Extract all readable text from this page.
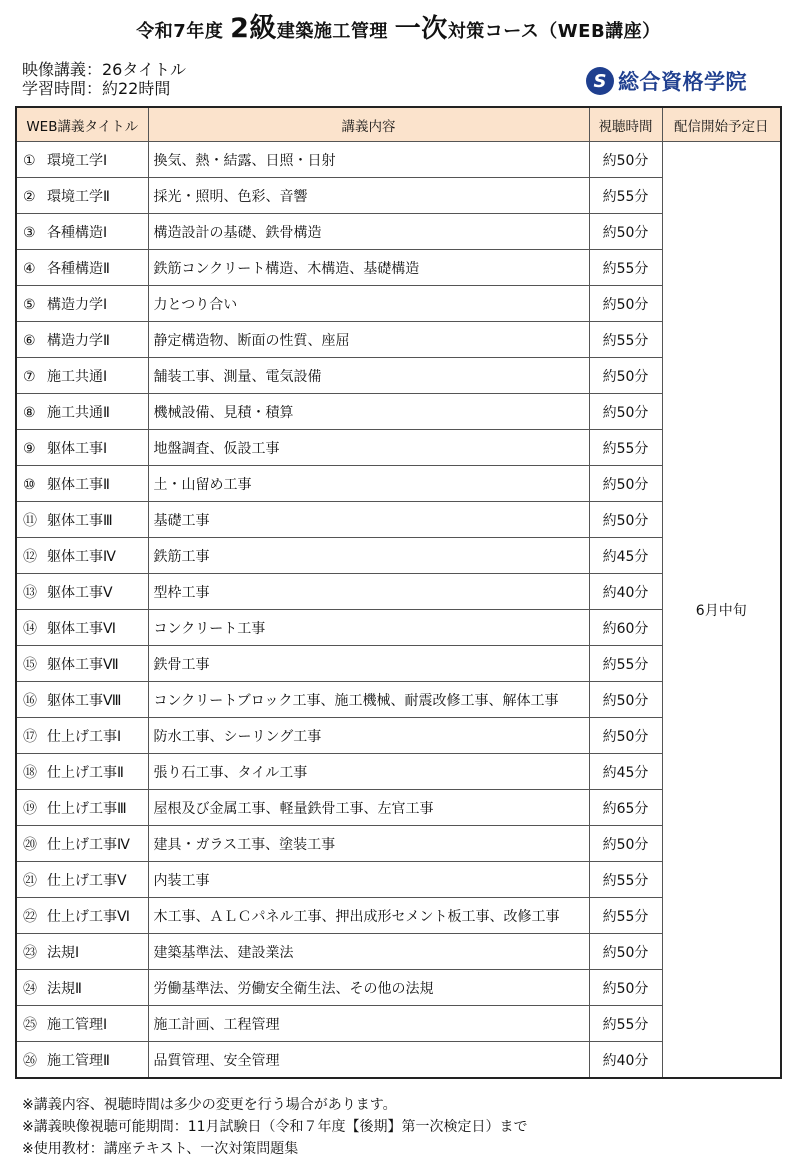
令和7年度 2級建築施工管理 一次対策コース（WEB講座）
映像講義：26タイトル
学習時間：約22時間	S 総合資格学院
WEB講義タイトル	講義内容	視聴時間	配信開始予定日
① 環境工学Ⅰ	換気、熱・結露、日照・日射	約50分	6月中旬
② 環境工学Ⅱ	採光・照明、色彩、音響	約55分	
③ 各種構造Ⅰ	構造設計の基礎、鉄骨構造	約50分	
④ 各種構造Ⅱ	鉄筋コンクリート構造、木構造、基礎構造	約55分	
⑤ 構造力学Ⅰ	力とつり合い	約50分	
⑥ 構造力学Ⅱ	静定構造物、断面の性質、座屈	約55分	
⑦ 施工共通Ⅰ	舗装工事、測量、電気設備	約50分	
⑧ 施工共通Ⅱ	機械設備、見積・積算	約50分	
⑨ 躯体工事Ⅰ	地盤調査、仮設工事	約55分	
⑩ 躯体工事Ⅱ	土・山留め工事	約50分	
⑪ 躯体工事Ⅲ	基礎工事	約50分	
⑫ 躯体工事Ⅳ	鉄筋工事	約45分	
⑬ 躯体工事Ⅴ	型枠工事	約40分	
⑭ 躯体工事Ⅵ	コンクリート工事	約60分	
⑮ 躯体工事Ⅶ	鉄骨工事	約55分	
⑯ 躯体工事Ⅷ	コンクリートブロック工事、施工機械、耐震改修工事、解体工事	約50分	
⑰ 仕上げ工事Ⅰ	防水工事、シーリング工事	約50分	
⑱ 仕上げ工事Ⅱ	張り石工事、タイル工事	約45分	
⑲ 仕上げ工事Ⅲ	屋根及び金属工事、軽量鉄骨工事、左官工事	約65分	
⑳ 仕上げ工事Ⅳ	建具・ガラス工事、塗装工事	約50分	
㉑ 仕上げ工事Ⅴ	内装工事	約55分	
㉒ 仕上げ工事Ⅵ	木工事、ＡＬＣパネル工事、押出成形セメント板工事、改修工事	約55分	
㉓ 法規Ⅰ	建築基準法、建設業法	約50分	
㉔ 法規Ⅱ	労働基準法、労働安全衛生法、その他の法規	約50分	
㉕ 施工管理Ⅰ	施工計画、工程管理	約55分	
㉖ 施工管理Ⅱ	品質管理、安全管理	約40分	
※講義内容、視聴時間は多少の変更を行う場合があります。
※講義映像視聴可能期間：11月試験日（令和７年度【後期】第一次検定日）まで
※使用教材：講座テキスト、一次対策問題集
